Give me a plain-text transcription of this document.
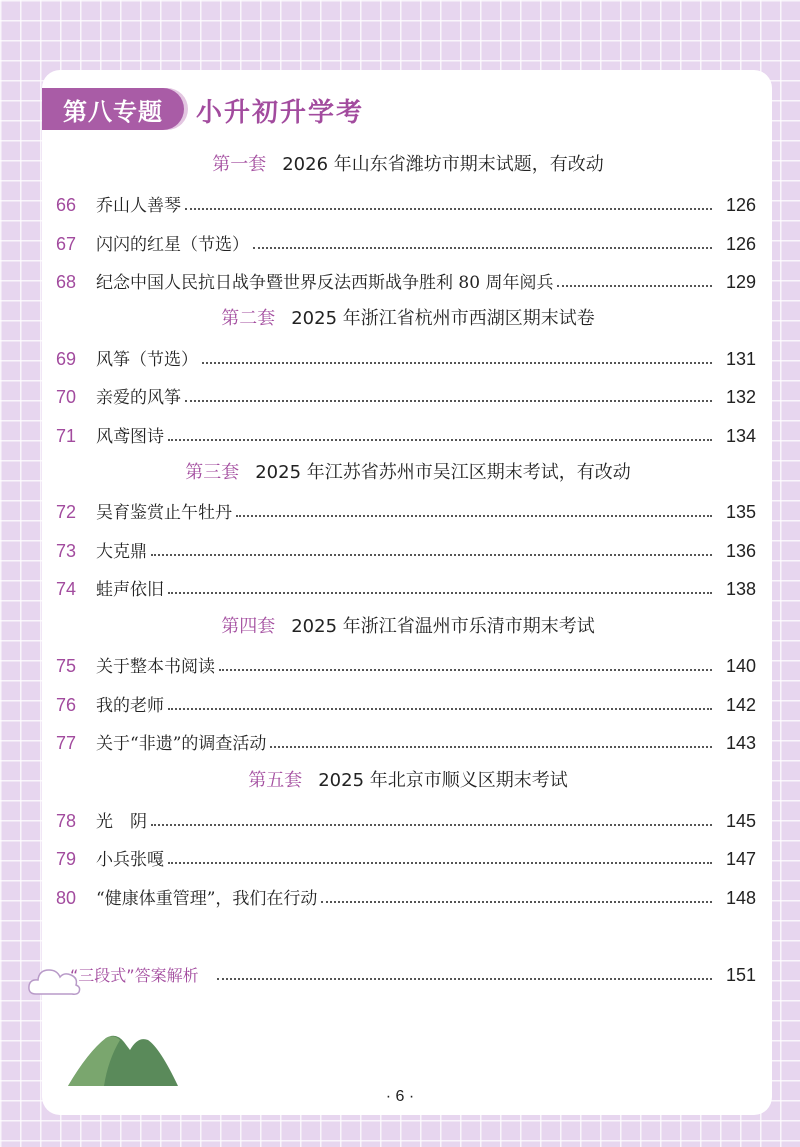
第八专题	小升初升学考
第一套 2026 年山东省潍坊市期末试题，有改动
66	乔山人善琴	126
67	闪闪的红星（节选）	126
68	纪念中国人民抗日战争暨世界反法西斯战争胜利 80 周年阅兵	129
第二套 2025 年浙江省杭州市西湖区期末试卷
69	风筝（节选）	131
70	亲爱的风筝	132
71	风鸢图诗	134
第三套 2025 年江苏省苏州市吴江区期末考试，有改动
72	吴育鉴赏止午牡丹	135
73	大克鼎	136
74	蛙声依旧	138
第四套 2025 年浙江省温州市乐清市期末考试
75	关于整本书阅读	140
76	我的老师	142
77	关于“非遗”的调查活动	143
第五套 2025 年北京市顺义区期末考试
78	光　阴	145
79	小兵张嘎	147
80	“健康体重管理”，我们在行动	148
“三段式”答案解析	151
· 6 ·
